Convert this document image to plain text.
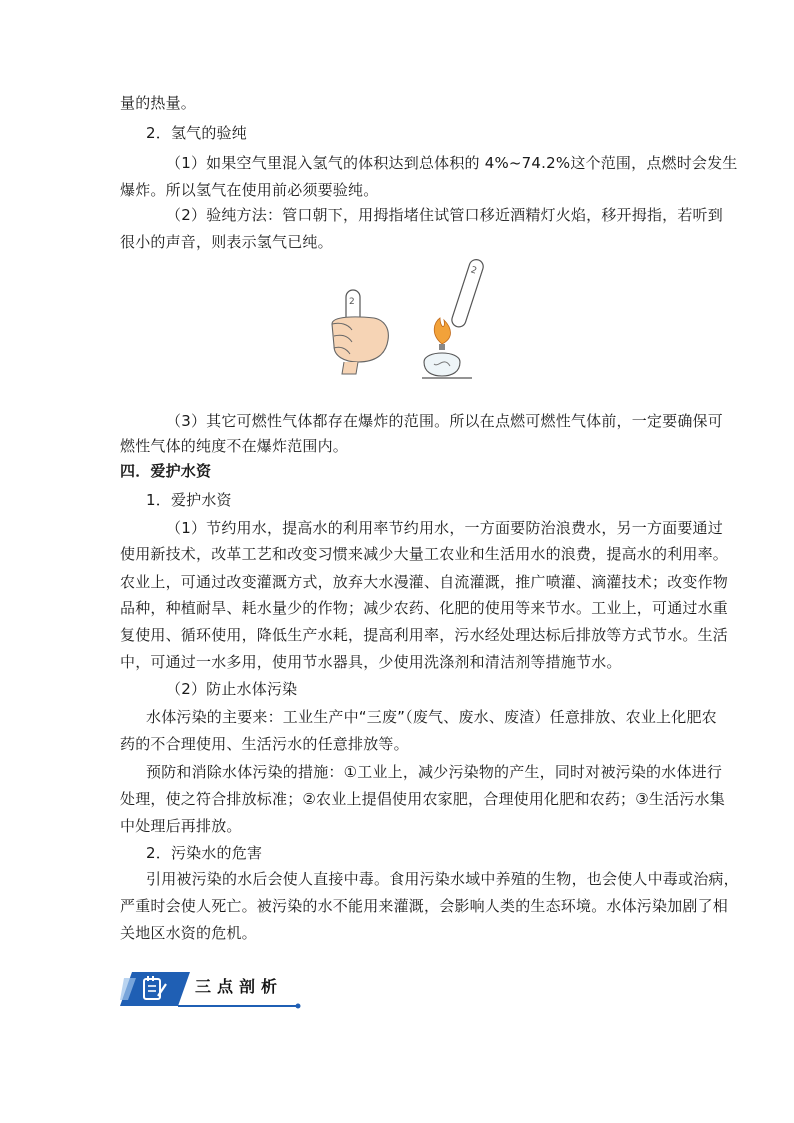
量的热量。
2．氢气的验纯
（1）如果空气里混入氢气的体积达到总体积的 4%~74.2%这个范围，点燃时会发生
爆炸。所以氢气在使用前必须要验纯。
（2）验纯方法：管口朝下，用拇指堵住试管口移近酒精灯火焰，移开拇指，若听到
很小的声音，则表示氢气已纯。
2
2
（3）其它可燃性气体都存在爆炸的范围。所以在点燃可燃性气体前，一定要确保可
燃性气体的纯度不在爆炸范围内。
四．爱护水资
1．爱护水资
（1）节约用水，提高水的利用率节约用水，一方面要防治浪费水，另一方面要通过
使用新技术，改革工艺和改变习惯来减少大量工农业和生活用水的浪费，提高水的利用率。
农业上，可通过改变灌溉方式，放弃大水漫灌、自流灌溉，推广喷灌、滴灌技术；改变作物
品种，种植耐旱、耗水量少的作物；减少农药、化肥的使用等来节水。工业上，可通过水重
复使用、循环使用，降低生产水耗，提高利用率，污水经处理达标后排放等方式节水。生活
中，可通过一水多用，使用节水器具，少使用洗涤剂和清洁剂等措施节水。
（2）防止水体污染
水体污染的主要来：工业生产中“三废”（废气、废水、废渣）任意排放、农业上化肥农
药的不合理使用、生活污水的任意排放等。
预防和消除水体污染的措施：①工业上，减少污染物的产生，同时对被污染的水体进行
处理，使之符合排放标准；②农业上提倡使用农家肥，合理使用化肥和农药；③生活污水集
中处理后再排放。
2．污染水的危害
引用被污染的水后会使人直接中毒。食用污染水域中养殖的生物，也会使人中毒或治病，
严重时会使人死亡。被污染的水不能用来灌溉，会影响人类的生态环境。水体污染加剧了相
关地区水资的危机。
三点剖析
